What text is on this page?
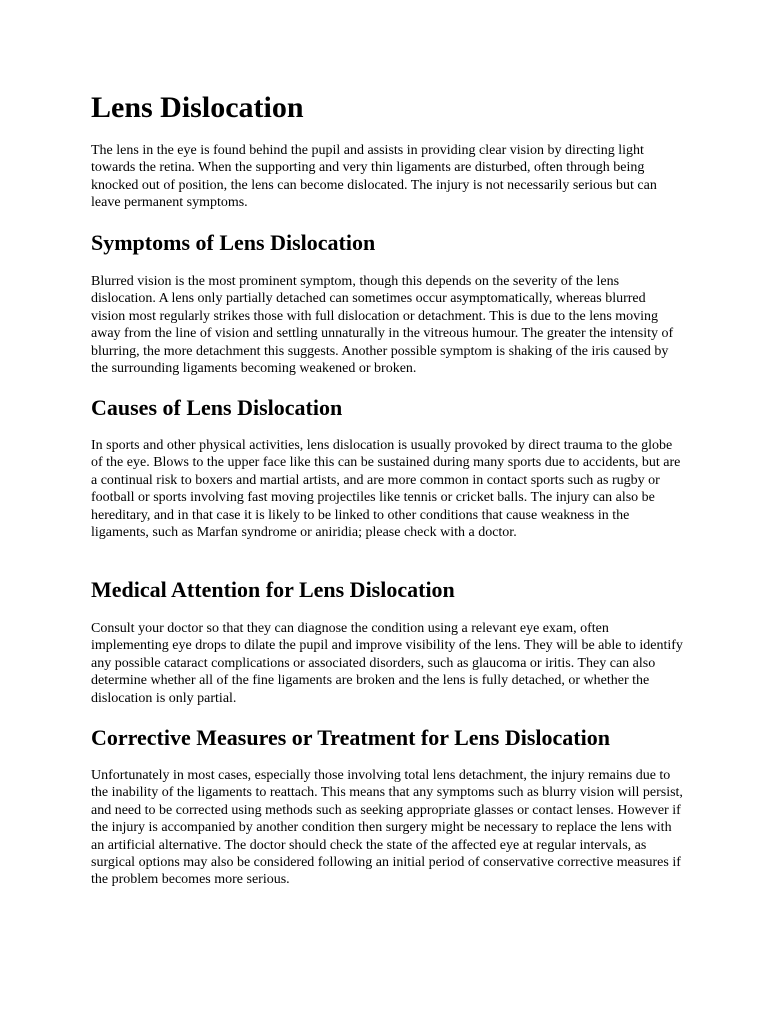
Lens Dislocation

The lens in the eye is found behind the pupil and assists in providing clear vision by directing light towards the retina. When the supporting and very thin ligaments are disturbed, often through being knocked out of position, the lens can become dislocated. The injury is not necessarily serious but can leave permanent symptoms.

Symptoms of Lens Dislocation

Blurred vision is the most prominent symptom, though this depends on the severity of the lens dislocation. A lens only partially detached can sometimes occur asymptomatically, whereas blurred vision most regularly strikes those with full dislocation or detachment. This is due to the lens moving away from the line of vision and settling unnaturally in the vitreous humour. The greater the intensity of blurring, the more detachment this suggests. Another possible symptom is shaking of the iris caused by the surrounding ligaments becoming weakened or broken.

Causes of Lens Dislocation

In sports and other physical activities, lens dislocation is usually provoked by direct trauma to the globe of the eye. Blows to the upper face like this can be sustained during many sports due to accidents, but are a continual risk to boxers and martial artists, and are more common in contact sports such as rugby or football or sports involving fast moving projectiles like tennis or cricket balls. The injury can also be hereditary, and in that case it is likely to be linked to other conditions that cause weakness in the ligaments, such as Marfan syndrome or aniridia; please check with a doctor.

Medical Attention for Lens Dislocation

Consult your doctor so that they can diagnose the condition using a relevant eye exam, often implementing eye drops to dilate the pupil and improve visibility of the lens. They will be able to identify any possible cataract complications or associated disorders, such as glaucoma or iritis. They can also determine whether all of the fine ligaments are broken and the lens is fully detached, or whether the dislocation is only partial.

Corrective Measures or Treatment for Lens Dislocation

Unfortunately in most cases, especially those involving total lens detachment, the injury remains due to the inability of the ligaments to reattach. This means that any symptoms such as blurry vision will persist, and need to be corrected using methods such as seeking appropriate glasses or contact lenses. However if the injury is accompanied by another condition then surgery might be necessary to replace the lens with an artificial alternative. The doctor should check the state of the affected eye at regular intervals, as surgical options may also be considered following an initial period of conservative corrective measures if the problem becomes more serious.
